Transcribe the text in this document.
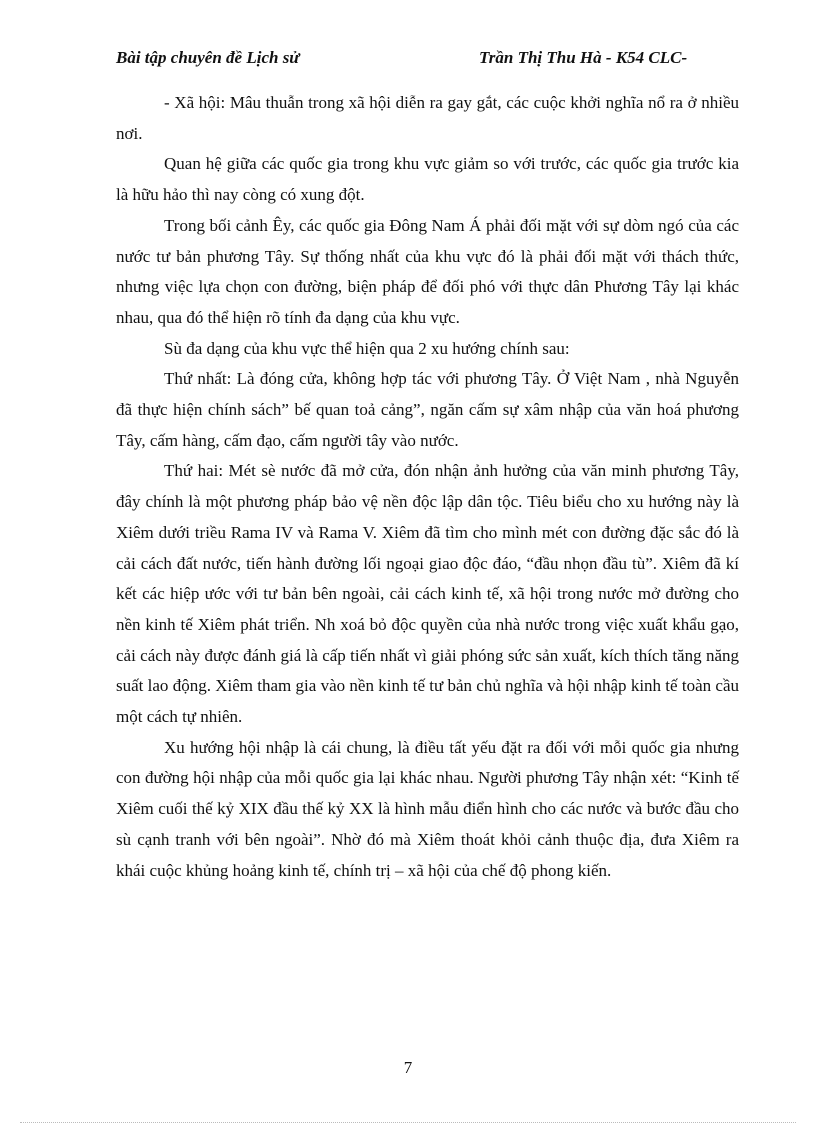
Bài tập chuyên đề Lịch sử	Trần Thị Thu Hà - K54 CLC-

- Xã hội: Mâu thuẫn trong xã hội diễn ra gay gắt, các cuộc khởi nghĩa nổ ra ở nhiều nơi.

Quan hệ giữa các quốc gia trong khu vực giảm so với trước, các quốc gia trước kia là hữu hảo thì nay còng có xung đột.

Trong bối cảnh Êy, các quốc gia Đông Nam Á phải đối mặt với sự dòm ngó của các nước tư bản phương Tây. Sự thống nhất của khu vực đó là phải đối mặt với thách thức, nhưng việc lựa chọn con đường, biện pháp để đối phó với thực dân Phương Tây lại khác nhau, qua đó thể hiện rõ tính đa dạng của khu vực.

Sù đa dạng của khu vực thể hiện qua 2 xu hướng chính sau:

Thứ nhất: Là đóng cửa, không hợp tác với phương Tây. Ở Việt Nam , nhà Nguyễn đã thực hiện chính sách” bế quan toả cảng”, ngăn cấm sự xâm nhập của văn hoá phương Tây, cấm hàng, cấm đạo, cấm người tây vào nước.

Thứ hai: Mét sè nước đã mở cửa, đón nhận ảnh hưởng của văn minh phương Tây, đây chính là một phương pháp bảo vệ nền độc lập dân tộc. Tiêu biểu cho xu hướng này là Xiêm dưới triều Rama IV và Rama V. Xiêm đã tìm cho mình mét con đường đặc sắc đó là cải cách đất nước, tiến hành đường lối ngoại giao độc đáo, “đầu nhọn đầu tù”. Xiêm đã kí kết các hiệp ước với tư bản bên ngoài, cải cách kinh tế, xã hội trong nước mở đường cho nền kinh tế Xiêm phát triển. Nh xoá bỏ độc quyền của nhà nước trong việc xuất khẩu gạo, cải cách này được đánh giá là cấp tiến nhất vì giải phóng sức sản xuất, kích thích tăng năng suất lao động. Xiêm tham gia vào nền kinh tế tư bản chủ nghĩa và hội nhập kinh tế toàn cầu một cách tự nhiên.

Xu hướng hội nhập là cái chung, là điều tất yếu đặt ra đối với mỗi quốc gia nhưng con đường hội nhập của mỗi quốc gia lại khác nhau. Người phương Tây nhận xét: “Kinh tế Xiêm cuối thế kỷ XIX đầu thế kỷ XX là hình mẫu điển hình cho các nước và bước đầu cho sù cạnh tranh với bên ngoài”. Nhờ đó mà Xiêm thoát khỏi cảnh thuộc địa, đưa Xiêm ra khái cuộc khủng hoảng kinh tế, chính trị – xã hội của chế độ phong kiến.

7
